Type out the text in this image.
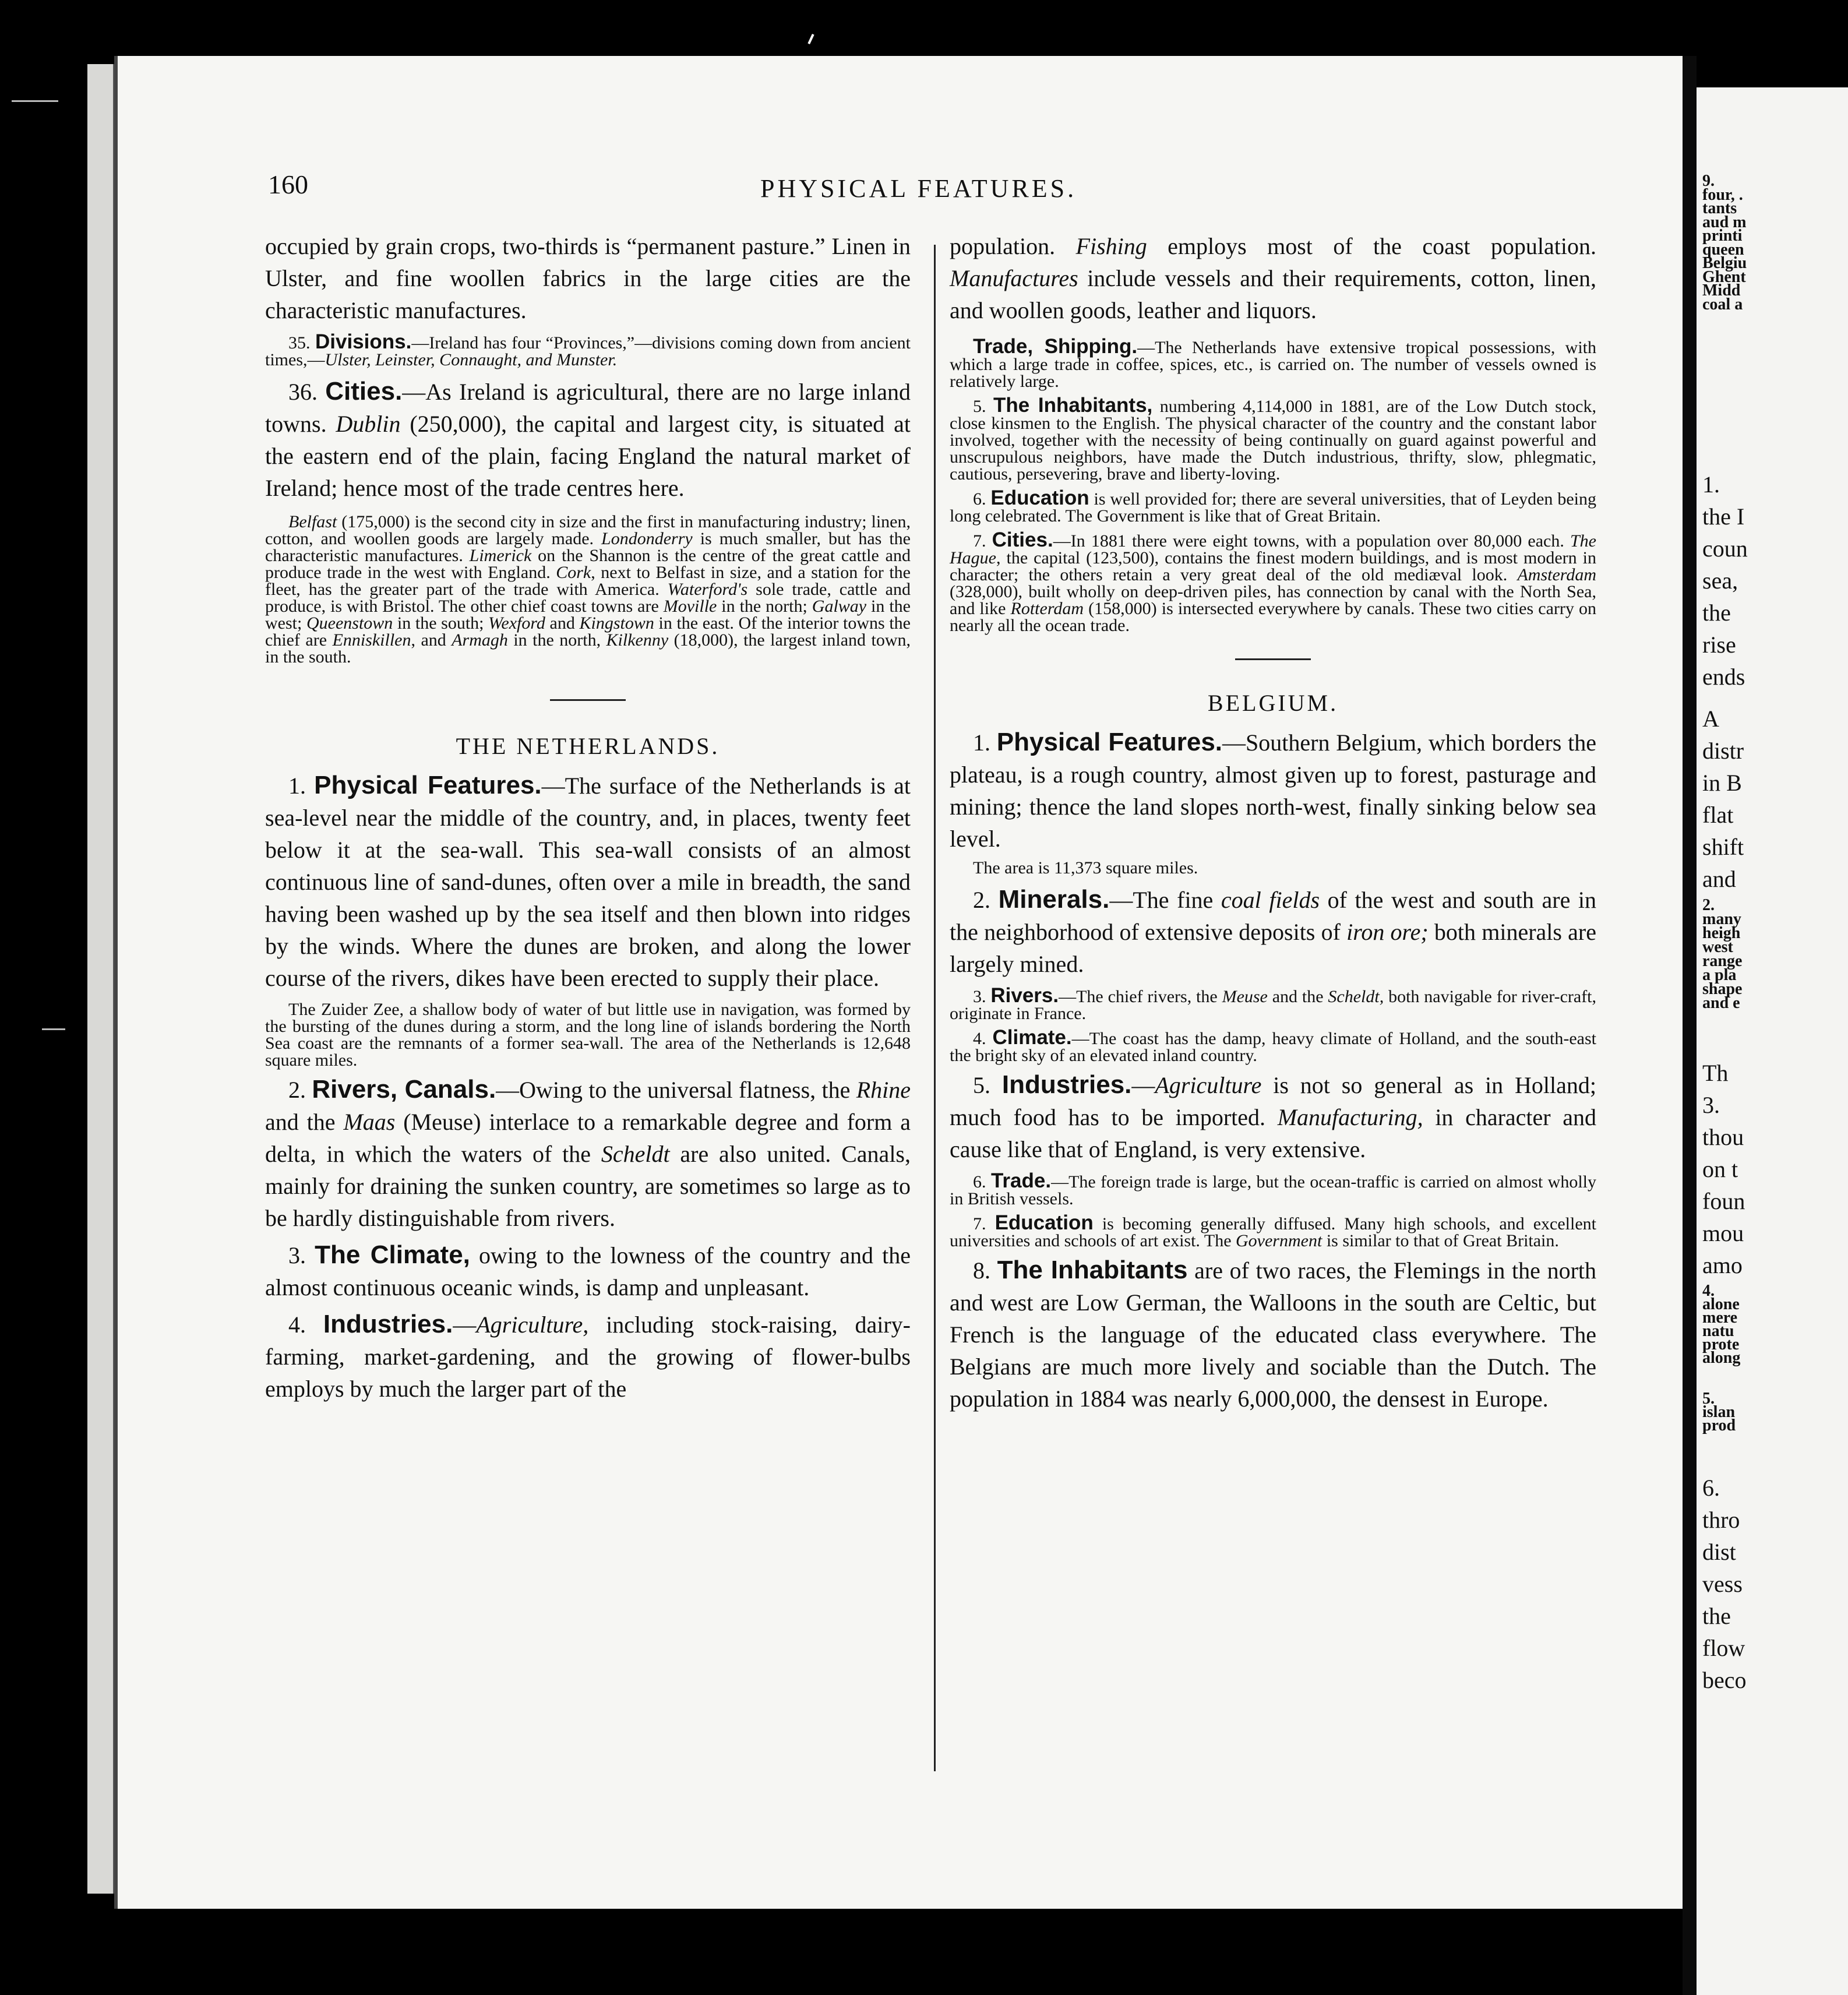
160	PHYSICAL FEATURES.

occupied by grain crops, two-thirds is “permanent pasture.” Linen in Ulster, and fine woollen fabrics in the large cities are the characteristic manufactures.

35. Divisions.—Ireland has four “Provinces,”—divisions coming down from ancient times,—Ulster, Leinster, Connaught, and Munster.

36. Cities.—As Ireland is agricultural, there are no large inland towns. Dublin (250,000), the capital and largest city, is situated at the eastern end of the plain, facing England the natural market of Ireland; hence most of the trade centres here.

Belfast (175,000) is the second city in size and the first in manufacturing industry; linen, cotton, and woollen goods are largely made. Londonderry is much smaller, but has the characteristic manufactures. Limerick on the Shannon is the centre of the great cattle and produce trade in the west with England. Cork, next to Belfast in size, and a station for the fleet, has the greater part of the trade with America. Waterford's sole trade, cattle and produce, is with Bristol. The other chief coast towns are Moville in the north; Galway in the west; Queenstown in the south; Wexford and Kingstown in the east. Of the interior towns the chief are Enniskillen, and Armagh in the north, Kilkenny (18,000), the largest inland town, in the south.

THE NETHERLANDS.

1. Physical Features.—The surface of the Netherlands is at sea-level near the middle of the country, and, in places, twenty feet below it at the sea-wall. This sea-wall consists of an almost continuous line of sand-dunes, often over a mile in breadth, the sand having been washed up by the sea itself and then blown into ridges by the winds. Where the dunes are broken, and along the lower course of the rivers, dikes have been erected to supply their place.

The Zuider Zee, a shallow body of water of but little use in navigation, was formed by the bursting of the dunes during a storm, and the long line of islands bordering the North Sea coast are the remnants of a former sea-wall. The area of the Netherlands is 12,648 square miles.

2. Rivers, Canals.—Owing to the universal flatness, the Rhine and the Maas (Meuse) interlace to a remarkable degree and form a delta, in which the waters of the Scheldt are also united. Canals, mainly for draining the sunken country, are sometimes so large as to be hardly distinguishable from rivers.

3. The Climate, owing to the lowness of the country and the almost continuous oceanic winds, is damp and unpleasant.

4. Industries.—Agriculture, including stock-raising, dairy-farming, market-gardening, and the growing of flower-bulbs employs by much the larger part of the

population. Fishing employs most of the coast population. Manufactures include vessels and their requirements, cotton, linen, and woollen goods, leather and liquors.

Trade, Shipping.—The Netherlands have extensive tropical possessions, with which a large trade in coffee, spices, etc., is carried on. The number of vessels owned is relatively large.

5. The Inhabitants, numbering 4,114,000 in 1881, are of the Low Dutch stock, close kinsmen to the English. The physical character of the country and the constant labor involved, together with the necessity of being continually on guard against powerful and unscrupulous neighbors, have made the Dutch industrious, thrifty, slow, phlegmatic, cautious, persevering, brave and liberty-loving.

6. Education is well provided for; there are several universities, that of Leyden being long celebrated. The Government is like that of Great Britain.

7. Cities.—In 1881 there were eight towns, with a population over 80,000 each. The Hague, the capital (123,500), contains the finest modern buildings, and is most modern in character; the others retain a very great deal of the old mediæval look. Amsterdam (328,000), built wholly on deep-driven piles, has connection by canal with the North Sea, and like Rotterdam (158,000) is intersected everywhere by canals. These two cities carry on nearly all the ocean trade.

BELGIUM.

1. Physical Features.—Southern Belgium, which borders the plateau, is a rough country, almost given up to forest, pasturage and mining; thence the land slopes north-west, finally sinking below sea level.

The area is 11,373 square miles.

2. Minerals.—The fine coal fields of the west and south are in the neighborhood of extensive deposits of iron ore; both minerals are largely mined.

3. Rivers.—The chief rivers, the Meuse and the Scheldt, both navigable for river-craft, originate in France.

4. Climate.—The coast has the damp, heavy climate of Holland, and the south-east the bright sky of an elevated inland country.

5. Industries.—Agriculture is not so general as in Holland; much food has to be imported. Manufacturing, in character and cause like that of England, is very extensive.

6. Trade.—The foreign trade is large, but the ocean-traffic is carried on almost wholly in British vessels.

7. Education is becoming generally diffused. Many high schools, and excellent universities and schools of art exist. The Government is similar to that of Great Britain.

8. The Inhabitants are of two races, the Flemings in the north and west are Low German, the Walloons in the south are Celtic, but French is the language of the educated class everywhere. The Belgians are much more lively and sociable than the Dutch. The population in 1884 was nearly 6,000,000, the densest in Europe.

9.
four, .
tants
aud m
printi
queen
Belgiu
Ghent
Midd
coal a
1.
the I
coun
sea,
the
rise
ends
A
distr
in B
flat
shift
and
2.
many
heigh
west
range
a pla
shape
and e
Th
3.
thou
on t
foun
mou
amo
4.
alone
mere
natu
prote
along
5.
islan
prod
6.
thro
dist
vess
the
flow
beco
